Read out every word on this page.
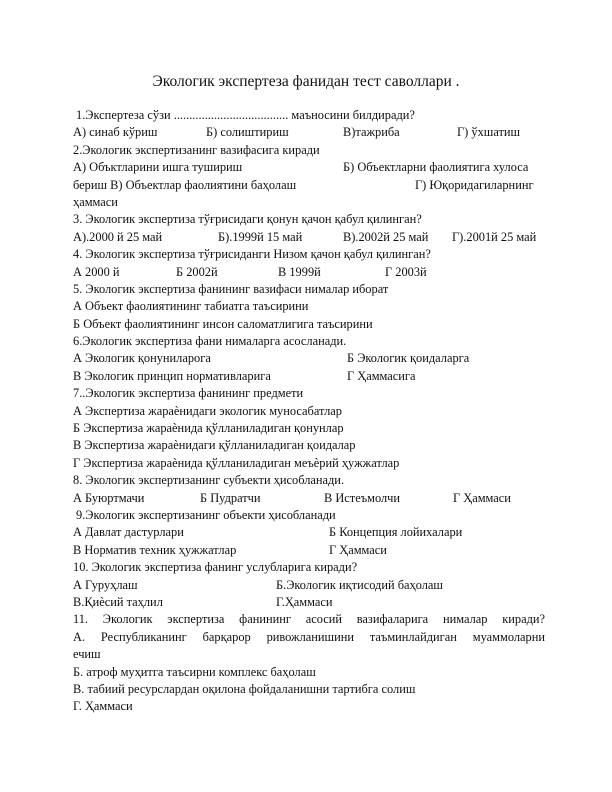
Экологик экспертеза фанидан тест саволлари .
1.Экспертеза сўзи ..................................... маъносини билдиради?
А) синаб кўриш	Б) солиштириш	В)тажриба	Г) ўхшатиш
2.Экологик экспертизанинг вазифасига киради
А) Объктларини ишга тушириш	Б) Объектларни фаолиятига хулоса
бериш В) Объектлар фаолиятини баҳолаш	Г) Юқоридагиларнинг
ҳаммаси
3. Экологик экспертиза тўғрисидаги қонун қачон қабул қилинган?
А).2000 й 25 май	Б).1999й 15 май	В).2002й 25 май Г).2001й 25 май
4. Экологик экспертиза тўғрисиданги Низом қачон қабул қилинган?
А 2000 й	Б 2002й	В 1999й	Г 2003й
5. Экологик экспертиза фанининг вазифаси нималар иборат
А Объект фаолиятининг табиатга таъсирини
Б Объект фаолиятининг инсон саломатлигига таъсирини
6.Экологик экспертиза фани нималарга асосланади.
А Экологик қонуниларога	Б Экологик қоидаларга
В Экологик принцип нормативларига	Г Ҳаммасига
7..Экологик экспертиза фанининг предмети
А Экспертиза жараѐнидаги экологик муносабатлар
Б Экспертиза жараѐнида қўлланиладиган қонунлар
В Экспертиза жараѐнидаги қўлланиладиган қоидалар
Г Экспертиза жараѐнида қўлланиладиган меъѐрий ҳужжатлар
8. Экологик экспертизанинг субъекти ҳисобланади.
А Буюртмачи	Б Пудратчи	В Истеъмолчи	Г Ҳаммаси
9.Экологик экспертизанинг объекти ҳисобланади
А Давлат дастурлари	Б Концепция лойихалари
В Норматив техник ҳужжатлар	Г Ҳаммаси
10. Экологик экспертиза фанинг услубларига киради?
А Гуруҳлаш	Б.Экологик иқтисодий баҳолаш
В.Қиѐсий таҳлил	Г.Ҳаммаси
11. Экологик экспертиза фанининг асосий вазифаларига нималар киради?
А. Республиканинг барқарор ривожланишини таъминлайдиган муаммоларни
ечиш
Б. атроф муҳитга таъсирни комплекс баҳолаш
В. табиий ресурслардан оқилона фойдаланишни тартибга солиш
Г. Ҳаммаси
